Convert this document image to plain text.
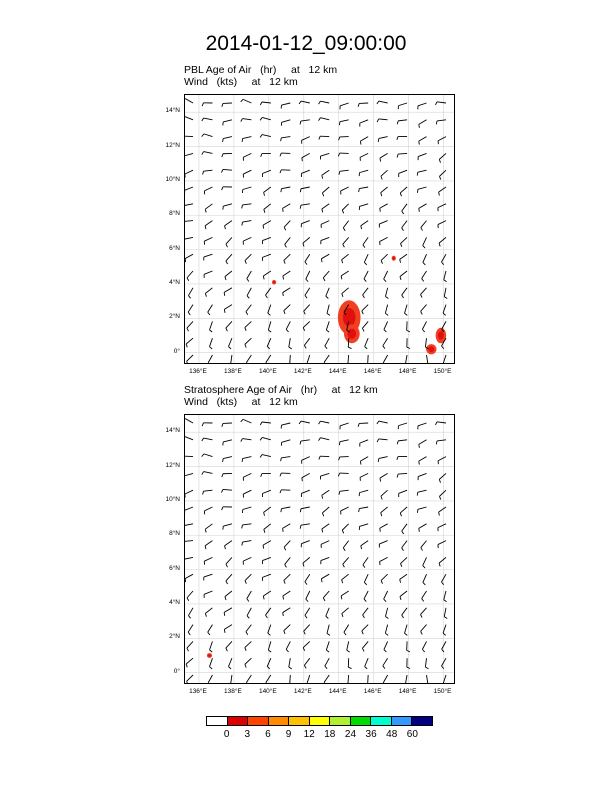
2014-01-12_09:00:00
PBL Age of Air   (hr)     at   12 km
Wind   (kts)     at   12 km
Stratosphere Age of Air   (hr)     at   12 km
Wind   (kts)     at   12 km
0°
2°N
4°N
6°N
8°N
10°N
12°N
14°N
136°E	138°E	140°E	142°E	144°E	146°E	148°E	150°E
0°
2°N
4°N
6°N
8°N
10°N
12°N
14°N
136°E	138°E	140°E	142°E	144°E	146°E	148°E	150°E
0	3	6	9	12 18 24 36 48 60
